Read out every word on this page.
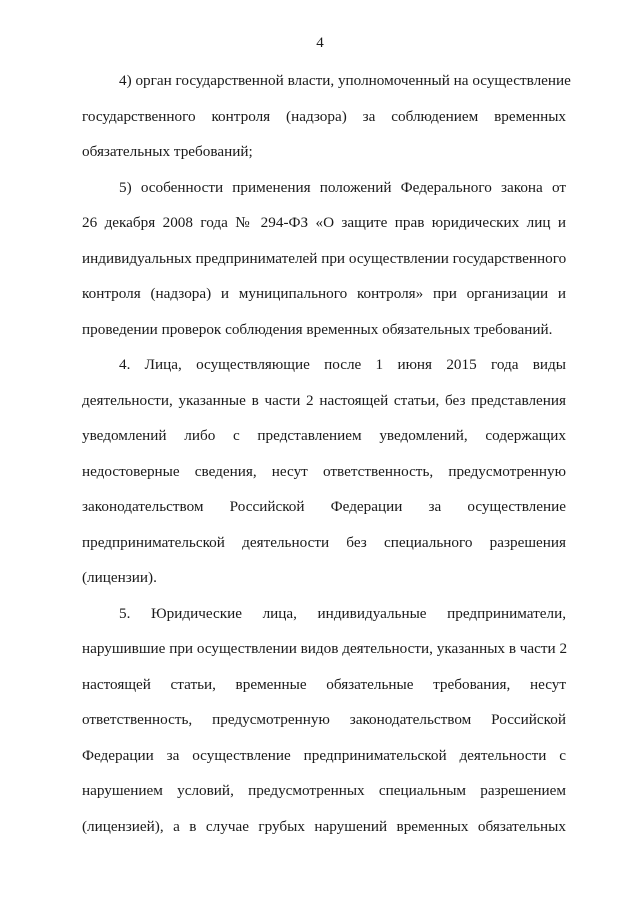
4
4) орган государственной власти, уполномоченный на осуществление
государственного контроля (надзора) за соблюдением временных
обязательных требований;
5) особенности применения положений Федерального закона от
26 декабря 2008 года № 294-ФЗ «О защите прав юридических лиц и
индивидуальных предпринимателей при осуществлении государственного
контроля (надзора) и муниципального контроля» при организации и
проведении проверок соблюдения временных обязательных требований.
4. Лица, осуществляющие после 1 июня 2015 года виды
деятельности, указанные в части 2 настоящей статьи, без представления
уведомлений либо с представлением уведомлений, содержащих
недостоверные сведения, несут ответственность, предусмотренную
законодательством Российской Федерации за осуществление
предпринимательской деятельности без специального разрешения
(лицензии).
5. Юридические лица, индивидуальные предприниматели,
нарушившие при осуществлении видов деятельности, указанных в части 2
настоящей статьи, временные обязательные требования, несут
ответственность, предусмотренную законодательством Российской
Федерации за осуществление предпринимательской деятельности с
нарушением условий, предусмотренных специальным разрешением
(лицензией), а в случае грубых нарушений временных обязательных
